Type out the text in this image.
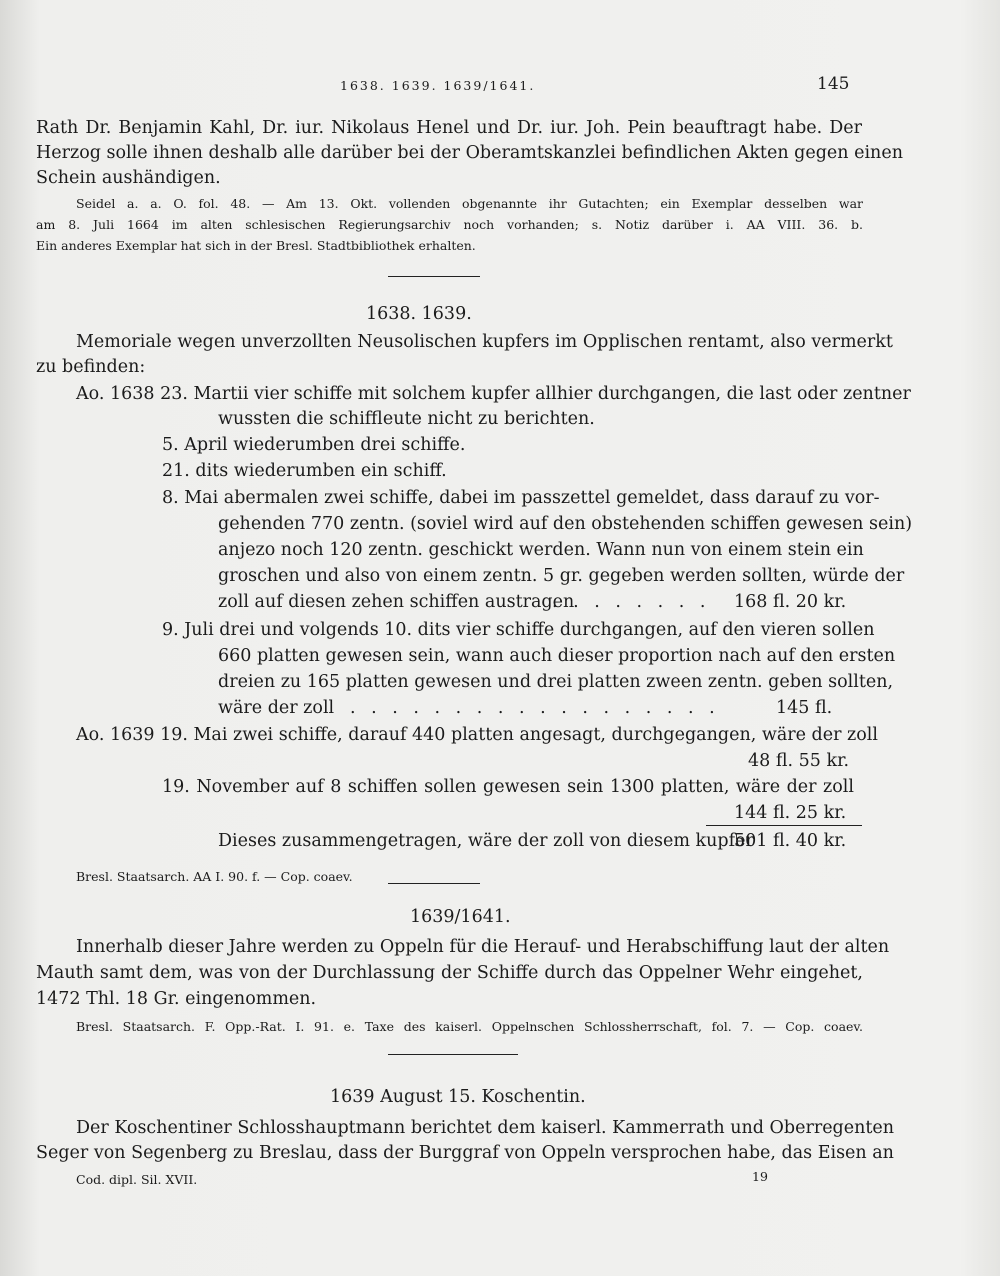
1638. 1639. 1639/1641.	145
Rath Dr. Benjamin Kahl, Dr. iur. Nikolaus Henel und Dr. iur. Joh. Pein beauftragt habe. Der
Herzog solle ihnen deshalb alle darüber bei der Oberamtskanzlei befindlichen Akten gegen einen
Schein aushändigen.
Seidel a. a. O. fol. 48. — Am 13. Okt. vollenden obgenannte ihr Gutachten; ein Exemplar desselben war
am 8. Juli 1664 im alten schlesischen Regierungsarchiv noch vorhanden; s. Notiz darüber i. AA VIII. 36. b.
Ein anderes Exemplar hat sich in der Bresl. Stadtbibliothek erhalten.
1638. 1639.
Memoriale wegen unverzollten Neusolischen kupfers im Opplischen rentamt, also vermerkt
zu befinden:
Ao. 1638 23. Martii vier schiffe mit solchem kupfer allhier durchgangen, die last oder zentner
wussten die schiffleute nicht zu berichten.
5. April wiederumben drei schiffe.
21. dits wiederumben ein schiff.
8. Mai abermalen zwei schiffe, dabei im passzettel gemeldet, dass darauf zu vor-
gehenden 770 zentn. (soviel wird auf den obstehenden schiffen gewesen sein)
anjezo noch 120 zentn. geschickt werden. Wann nun von einem stein ein
groschen und also von einem zentn. 5 gr. gegeben werden sollten, würde der
zoll auf diesen zehen schiffen austragen
. . . . . . . . 168 fl. 20 kr.
9. Juli drei und volgends 10. dits vier schiffe durchgangen, auf den vieren sollen
660 platten gewesen sein, wann auch dieser proportion nach auf den ersten
dreien zu 165 platten gewesen und drei platten zween zentn. geben sollten,
wäre der zoll . . . . . . . . . . . . . . . . . .	145 fl.
Ao. 1639 19. Mai zwei schiffe, darauf 440 platten angesagt, durchgegangen, wäre der zoll
48 fl. 55 kr.
19. November auf 8 schiffen sollen gewesen sein 1300 platten, wäre der zoll
144 fl. 25 kr.
Dieses zusammengetragen, wäre der zoll von diesem kupfer
501 fl. 40 kr.
Bresl. Staatsarch. AA I. 90. f. — Cop. coaev.
1639/1641.
Innerhalb dieser Jahre werden zu Oppeln für die Herauf- und Herabschiffung laut der alten
Mauth samt dem, was von der Durchlassung der Schiffe durch das Oppelner Wehr eingehet,
1472 Thl. 18 Gr. eingenommen.
Bresl. Staatsarch. F. Opp.-Rat. I. 91. e. Taxe des kaiserl. Oppelnschen Schlossherrschaft, fol. 7. — Cop. coaev.
1639 August 15. Koschentin.
Der Koschentiner Schlosshauptmann berichtet dem kaiserl. Kammerrath und Oberregenten
Seger von Segenberg zu Breslau, dass der Burggraf von Oppeln versprochen habe, das Eisen an
Cod. dipl. Sil. XVII.	19
